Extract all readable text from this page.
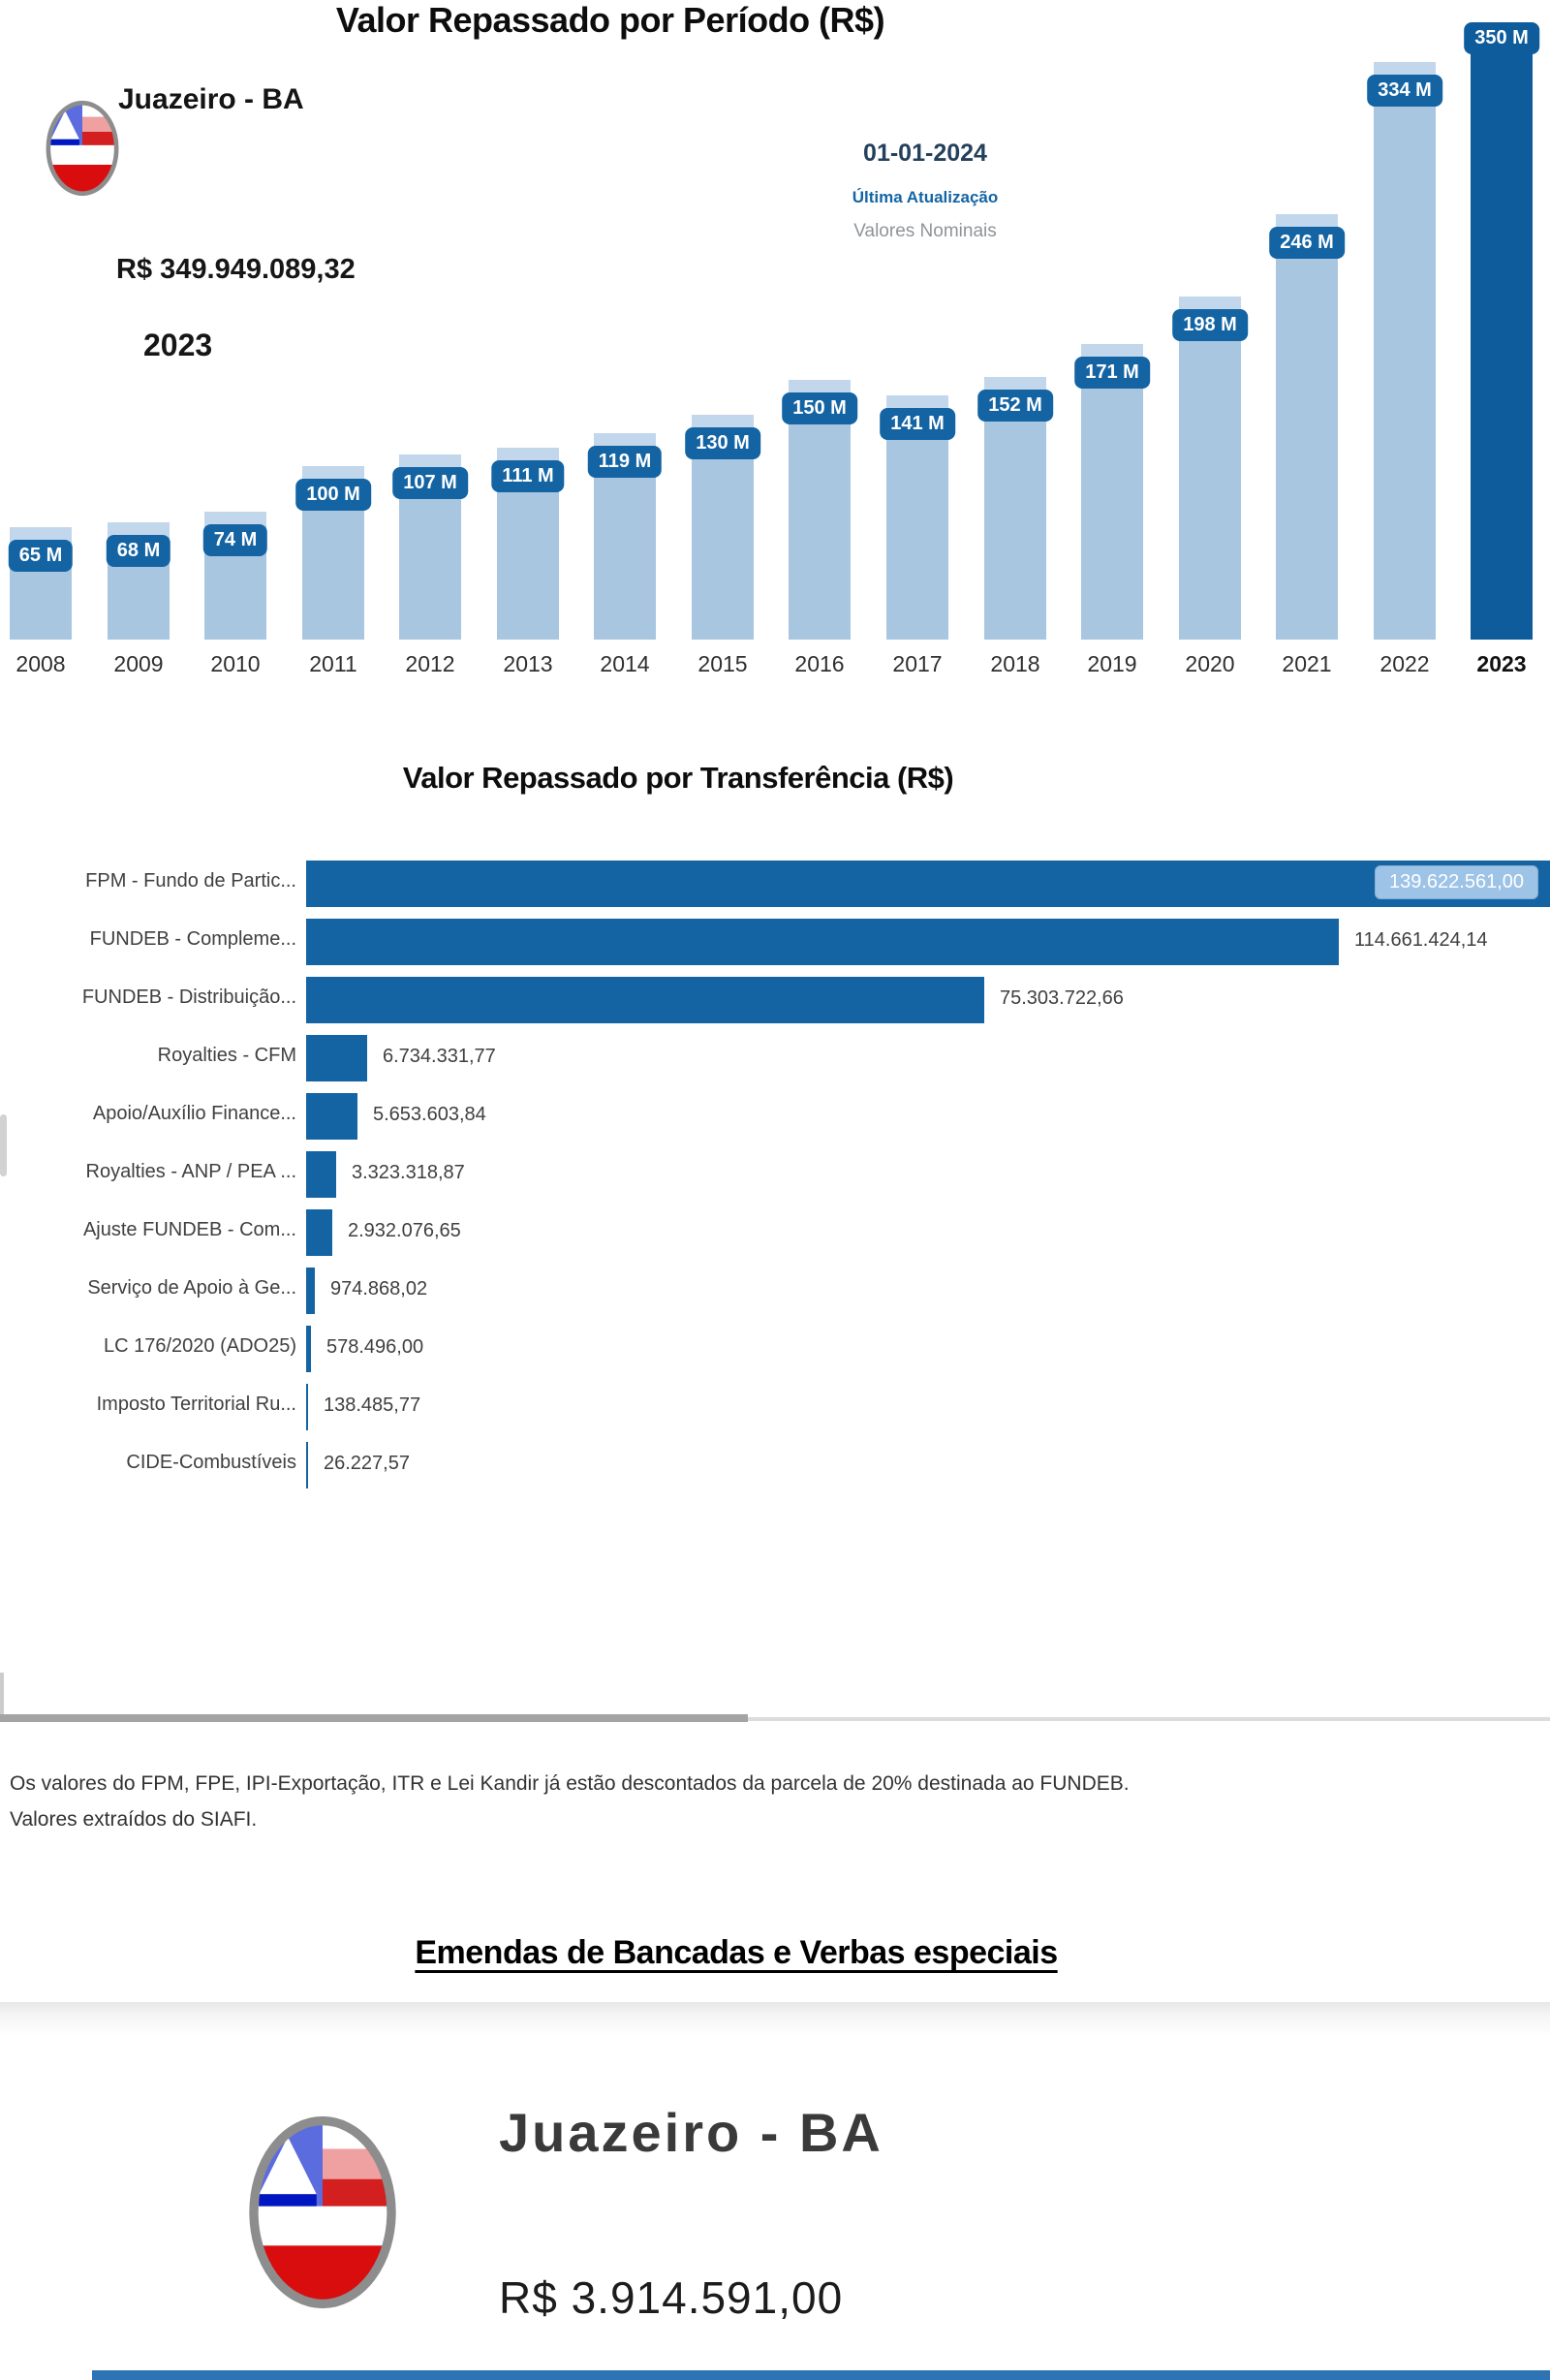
65 M
2008
68 M
2009
74 M
2010
100 M
2011
107 M
2012
111 M
2013
119 M
2014
130 M
2015
150 M
2016
141 M
2017
152 M
2018
171 M
2019
198 M
2020
246 M
2021
334 M
2022
350 M
2023
Valor Repassado por Período (R$)
Juazeiro - BA
R$ 349.949.089,32
2023
01-01-2024
Última Atualização
Valores Nominais
Valor Repassado por Transferência (R$)
FPM - Fundo de Partic...	139.622.561,00
FUNDEB - Compleme...	114.661.424,14
FUNDEB - Distribuição...	75.303.722,66
Royalties - CFM	6.734.331,77
Apoio/Auxílio Finance...	5.653.603,84
Royalties - ANP / PEA ...	3.323.318,87
Ajuste FUNDEB - Com...	2.932.076,65
Serviço de Apoio à Ge... 974.868,02
LC 176/2020 (ADO25) 578.496,00
Imposto Territorial Ru... 138.485,77
CIDE-Combustíveis 26.227,57
Os valores do FPM, FPE, IPI-Exportação, ITR e Lei Kandir já estão descontados da parcela de 20% destinada ao FUNDEB.
Valores extraídos do SIAFI.
Emendas de Bancadas e Verbas especiais
Juazeiro - BA
R$ 3.914.591,00
